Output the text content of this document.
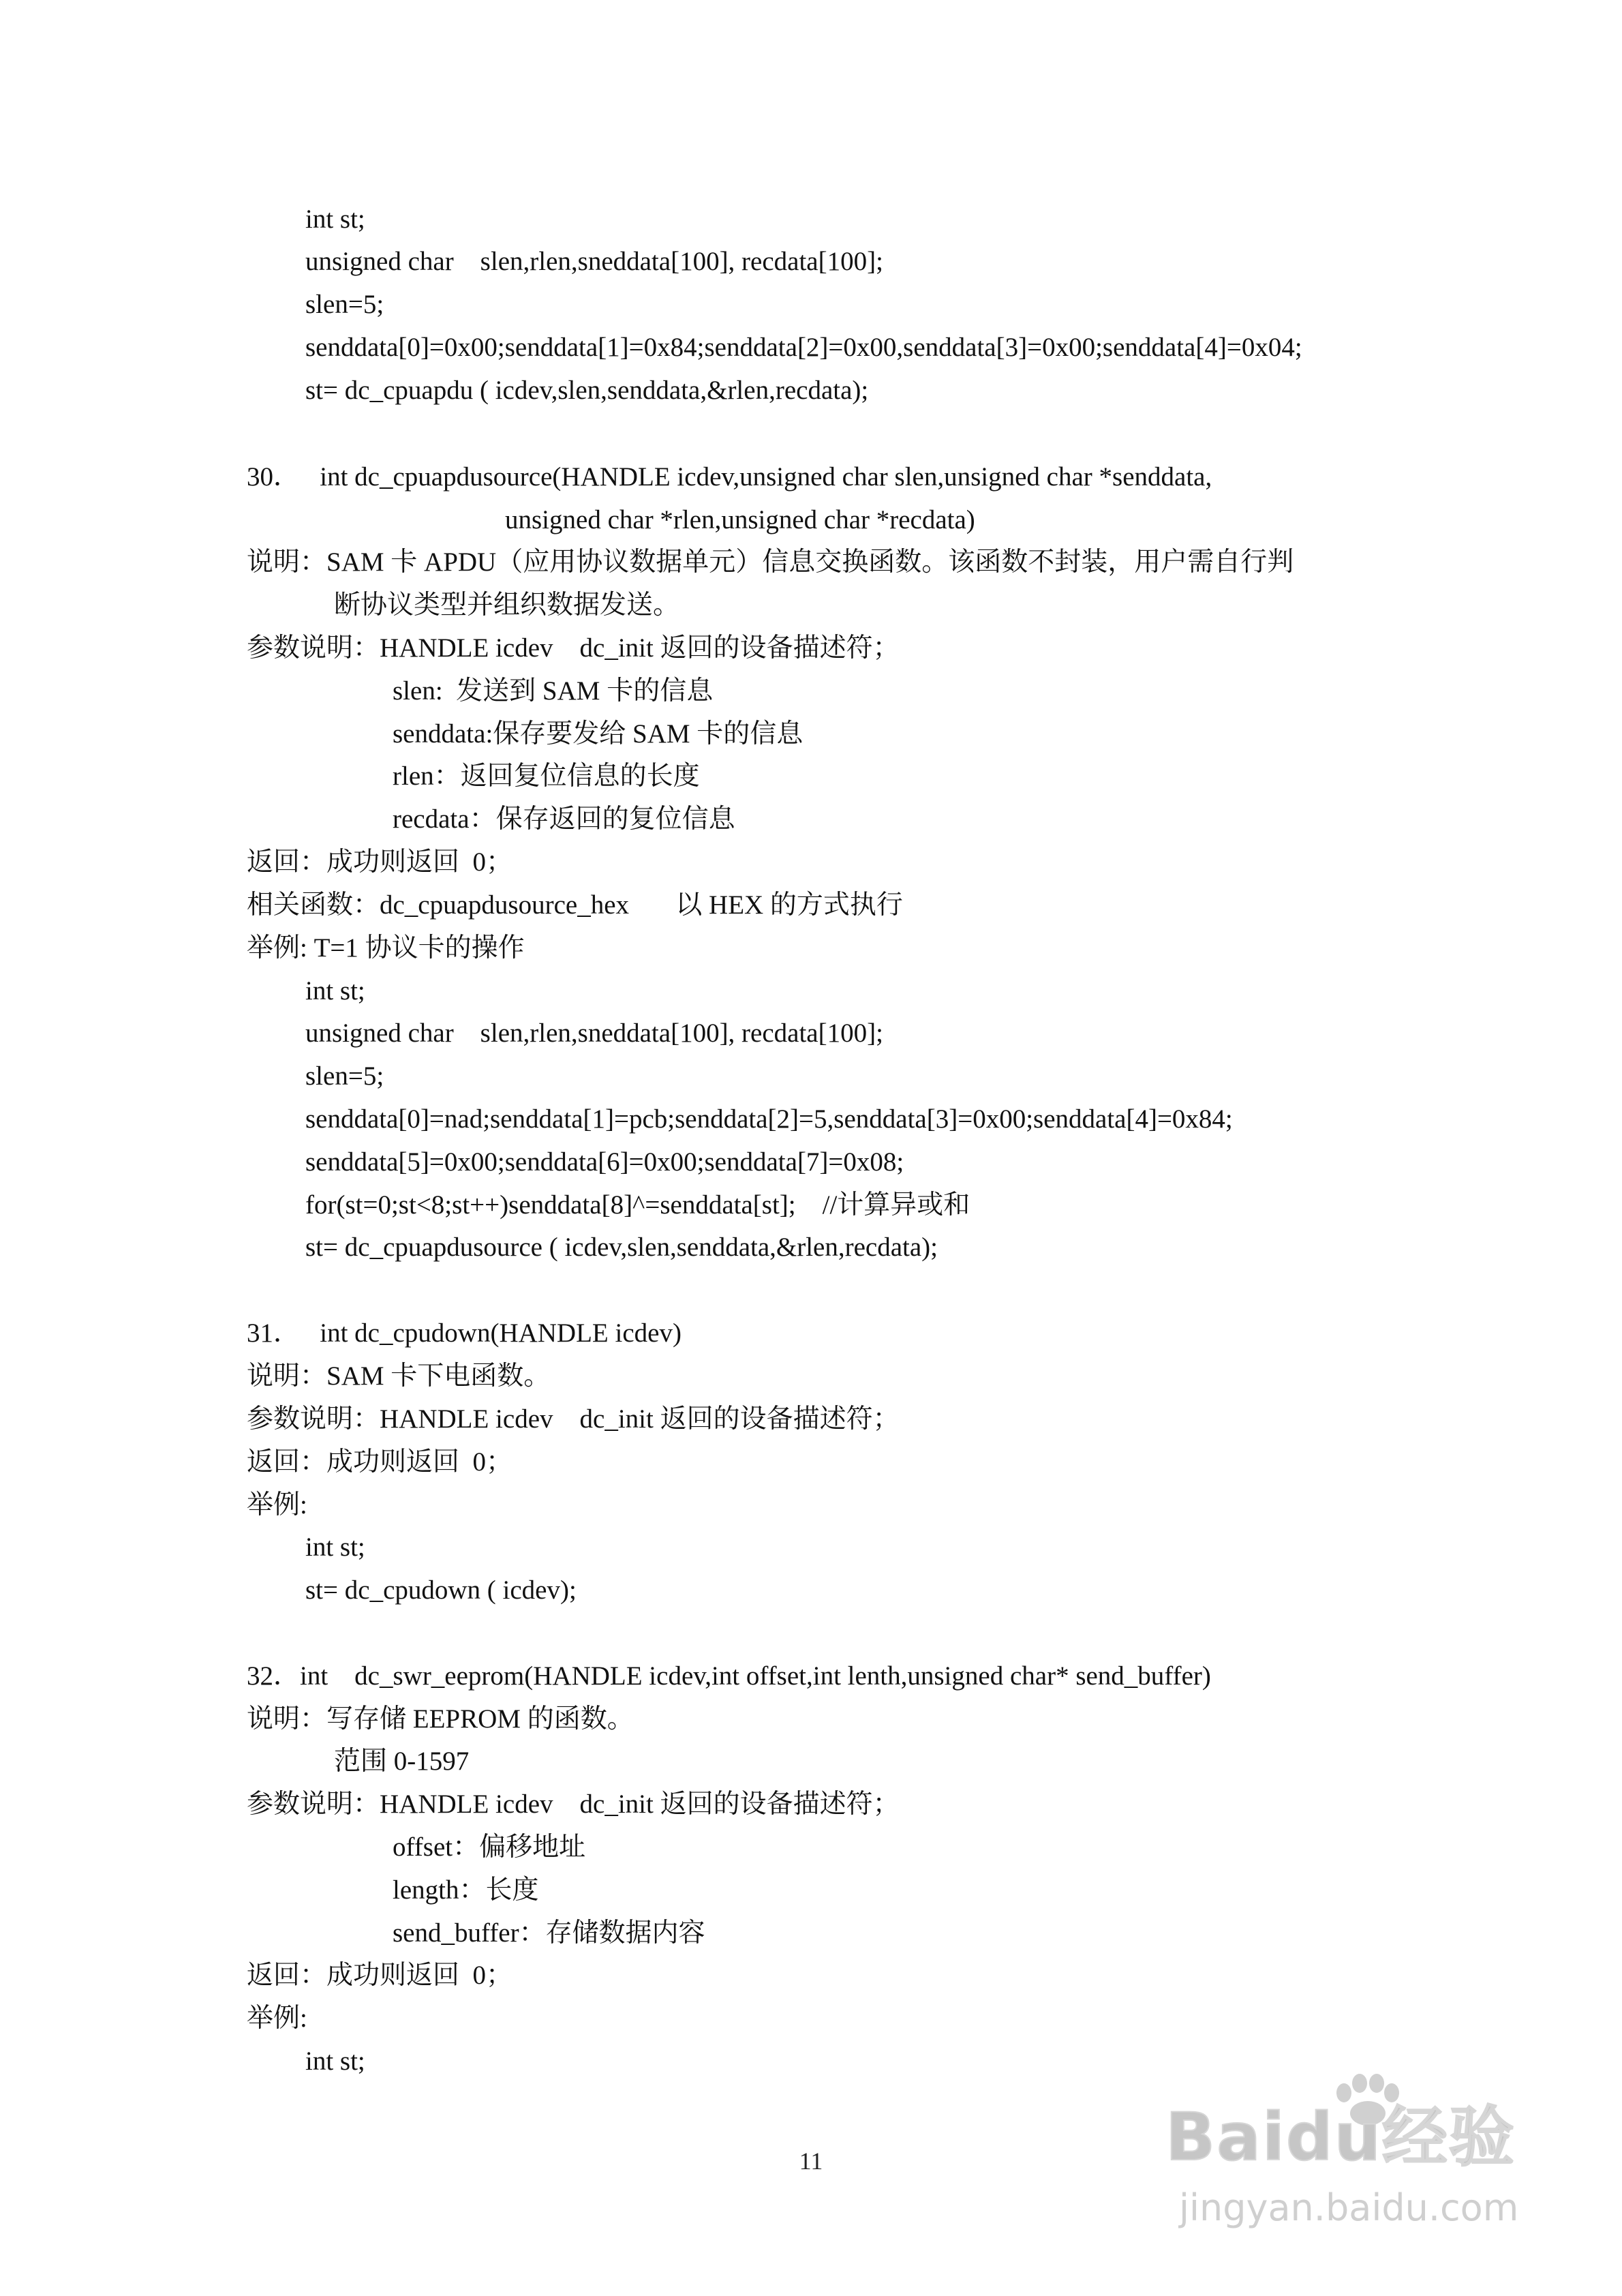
int st;

unsigned char    slen,rlen,sneddata[100], recdata[100];

slen=5;

senddata[0]=0x00;senddata[1]=0x84;senddata[2]=0x00,senddata[3]=0x00;senddata[4]=0x04;

st= dc_cpuapdu ( icdev,slen,senddata,&rlen,recdata);

30．   int dc_cpuapdusource(HANDLE icdev,unsigned char slen,unsigned char *senddata,

unsigned char *rlen,unsigned char *recdata)

说明：SAM 卡 APDU（应用协议数据单元）信息交换函数。该函数不封装，用户需自行判

断协议类型并组织数据发送。

参数说明：HANDLE icdev    dc_init 返回的设备描述符；

slen:  发送到 SAM 卡的信息

senddata:保存要发给 SAM 卡的信息

rlen：返回复位信息的长度

recdata：保存返回的复位信息

返回：成功则返回  0；

相关函数：dc_cpuapdusource_hex       以 HEX 的方式执行

举例: T=1 协议卡的操作

int st;

unsigned char    slen,rlen,sneddata[100], recdata[100];

slen=5;

senddata[0]=nad;senddata[1]=pcb;senddata[2]=5,senddata[3]=0x00;senddata[4]=0x84;

senddata[5]=0x00;senddata[6]=0x00;senddata[7]=0x08;

for(st=0;st<8;st++)senddata[8]^=senddata[st];    //计算异或和

st= dc_cpuapdusource ( icdev,slen,senddata,&rlen,recdata);

31．   int dc_cpudown(HANDLE icdev)

说明：SAM 卡下电函数。

参数说明：HANDLE icdev    dc_init 返回的设备描述符；

返回：成功则返回  0；

举例:

int st;

st= dc_cpudown ( icdev);

32．int    dc_swr_eeprom(HANDLE icdev,int offset,int lenth,unsigned char* send_buffer)

说明：写存储 EEPROM 的函数。

范围 0-1597

参数说明：HANDLE icdev    dc_init 返回的设备描述符；

offset：偏移地址

length：长度

send_buffer：存储数据内容

返回：成功则返回  0；

举例:

int st;

11	Baidu经验
jingyan.baidu.com
